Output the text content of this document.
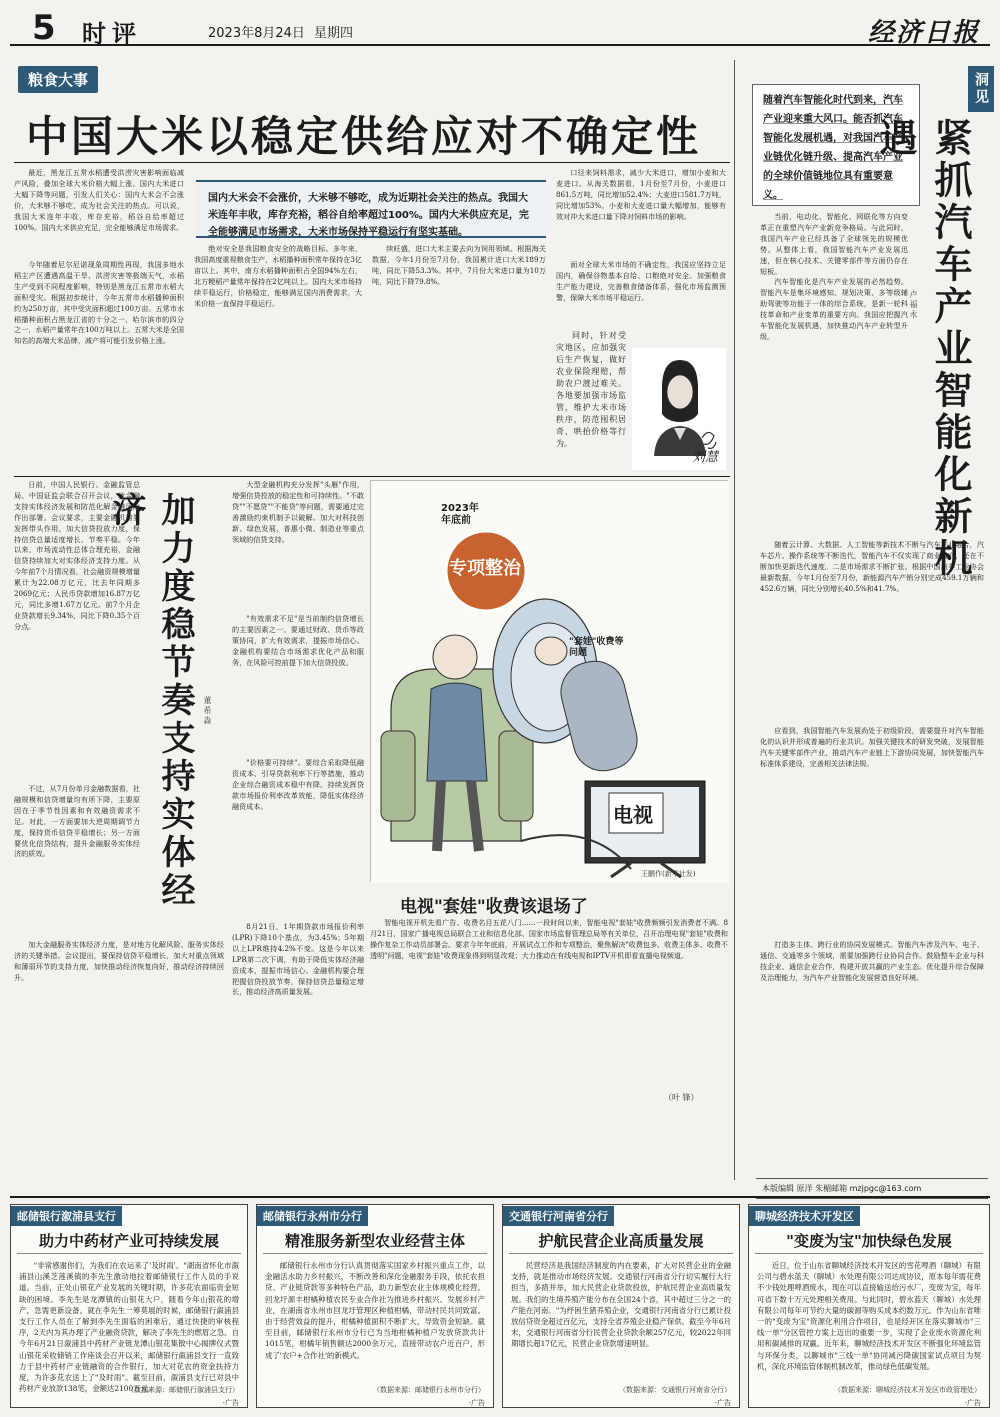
5 时评	2023年8月24日 星期四	经济日报
粮食大事
中国大米以稳定供给应对不确定性
最近，黑龙江五常水稻遭受洪涝灾害影响面临减产风险，叠加全球大米价格大幅上涨、国内大米进口大幅下降等问题，引发人们关心：国内大米会不会涨价，大米够不够吃，成为社会关注的热点。可以说，我国大米连年丰收，库存充裕，稻谷自给率超过100%。国内大米供应充足，完全能够满足市场需求。
国内大米会不会涨价，大米够不够吃，成为近期社会关注的热点。我国大米连年丰收，库存充裕，稻谷自给率超过100%。国内大米供应充足，完全能够满足市场需求，大米市场保持平稳运行有坚实基础。
口径来饲料需求，减少大米进口，增加小麦和大麦进口。从海关数据看，1月份至7月份，小麦进口861.5万吨，同比增加52.4%；大麦进口581.7万吨，同比增加53%。小麦和大麦进口量大幅增加，能够有效对冲大米进口量下降对饲料市场的影响。
今年随着尼尔尼诺现象周期性再现，我国多地水稻主产区遭遇高温干旱、洪涝灾害等极端天气，水稻生产受到不同程度影响，特别是黑龙江五常市水稻大面积受灾。根据初步统计，今年五常市水稻播种面积约为250万亩，其中受灾面积超过100万亩。五常市水稻播种面积占黑龙江省的十分之一、哈尔滨市的四分之一，水稻产量常年在100万吨以上。五常大米是全国知名的高端大米品牌，减产将可能引发价格上涨。
绝对安全是我国粮食安全的战略目标。多年来，我国高度重视粮食生产，水稻播种面积常年保持在3亿亩以上。其中，南方水稻播种面积占全国94%左右，北方粳稻产量常年保持在2亿吨以上。国内大米市场持续平稳运行，价格稳定，能够满足国内消费需求，大米价格一直保持平稳运行。
续旺盛，进口大米主要去向为饲用领域。根据海关数据，今年1月份至7月份，我国累计进口大米189万吨，同比下降53.3%。其中，7月份大米进口量为10万吨，同比下降79.8%。
面对全球大米市场的不确定性，我国应坚持立足国内，确保谷物基本自给、口粮绝对安全。加强粮食生产能力建设，完善粮食储备体系，强化市场监测预警，保障大米市场平稳运行。
同时，针对受灾地区，应加强灾后生产恢复，做好农业保险理赔，帮助农户渡过难关。各地要加强市场监管，维护大米市场秩序，防范囤积居奇、哄抬价格等行为。
刘慧
洞见
随着汽车智能化时代到来，汽车产业迎来重大风口。能否抓汽车智能化发展机遇，对我国汽车产业链优化链升级、提高汽车产业的全球价值链地位具有重要意义。	紧抓汽车产业智能化新机遇
卢福永

当前，电动化、智能化、网联化等方向变革正在重塑汽车产业新竞争格局。与此同时，我国汽车产业已经具备了全球领先的规模优势。从整体上看，我国智能汽车产业发展迅速，但在核心技术、关键零部件等方面仍存在短板。

汽车智能化是汽车产业发展的必然趋势。智能汽车是集环境感知、规划决策、多等级辅助驾驶等功能于一体的综合系统，是新一轮科技革命和产业变革的重要方向。我国应把握汽车智能化发展机遇，加快推动汽车产业转型升级。

随着云计算、大数据、人工智能等新技术不断与汽车产业融合，汽车芯片、操作系统等不断迭代，智能汽车不仅实现了商业量产，还在不断加快更新迭代速度。二是市场需求不断扩张。根据中国汽车工业协会最新数据，今年1月份至7月份，新能源汽车产销分别完成459.1万辆和452.6万辆，同比分别增长40.5%和41.7%。
应看到，我国智能汽车发展尚处于初级阶段，需要提升对汽车智能化的认识并形成普遍的行业共识。加强关键技术的研发突破，发展智能汽车关键零部件产业，推动汽车产业链上下游协同发展，加快智能汽车标准体系建设，完善相关法律法规。
打造多主体、跨行业的协同发展模式。智能汽车涉及汽车、电子、通信、交通等多个领域，需要加强跨行业协同合作。鼓励整车企业与科技企业、通信企业合作，构建开放共赢的产业生态。优化提升综合保障及治理能力，为汽车产业智能化发展营造良好环境。
本版编辑 原洋 朱楣邮箱 mzjpgc@163.com
日前，中国人民银行、金融监管总局、中国证监会联合召开会议，就金融支持实体经济发展和防范化解金融风险作出部署。会议要求，主要金融机构要发挥带头作用，加大信贷投放力度，保持信贷总量适度增长、节奏平稳。今年以来，市场流动性总体合理充裕，金融信贷持续加大对实体经济支持力度。从今年前7个月情况看，社会融资规模增量累计为22.08万亿元，比去年同期多2069亿元；人民币贷款增加16.87万亿元，同比多增1.67万亿元。前7个月企业贷款增长9.34%，同比下降0.35个百分点。	加力度稳节奏支持实体经济
董希淼
不过，从7月份单月金融数据看，社融规模和信贷增量均有所下降，主要原因在于季节性因素和有效融资需求不足。对此，一方面要加大逆周期调节力度，保持货币信贷平稳增长；另一方面要优化信贷结构，提升金融服务实体经济的质效。
加大金融服务实体经济力度，是对地方化解风险、服务实体经济的关键举措。会议提出，要保持信贷平稳增长，加大对重点领域和薄弱环节的支持力度，加快推动经济恢复向好，推动经济持续回升。
大型金融机构充分发挥"头雁"作用，增强信贷投放的稳定性和可持续性。"不敢贷""不愿贷""不能贷"等问题，需要通过完善激励约束机制予以破解。加大对科技创新、绿色发展、普惠小微、制造业等重点领域的信贷支持。
"有效需求不足"是当前制约信贷增长的主要因素之一。要通过财政、货币等政策协同，扩大有效需求，提振市场信心。金融机构要结合市场需求优化产品和服务，在风险可控前提下加大信贷投放。
"价格要可持续"。要综合采取降低融资成本、引导贷款利率下行等措施，推动企业综合融资成本稳中有降。持续发挥贷款市场报价利率改革效能，降低实体经济融资成本。
8月21日，1年期贷款市场报价利率(LPR)下降10个基点，为3.45%；5年期以上LPR维持4.2%不变。这是今年以来LPR第二次下调，有助于降低实体经济融资成本，提振市场信心。金融机构要合理把握信贷投放节奏，保持信贷总量稳定增长，推动经济高质量发展。
专项整治
2023年年底前
"套娃"收费等问题
电视
王鹏作(新华社发)
电视"套娃"收费该退场了
智能电视开机先看广告、收费名目五花八门……一段时间以来，智能电视"套娃"收费频频引发消费者不满。8月21日，国家广播电视总局联合工业和信息化部、国家市场监督管理总局等有关单位，召开治理电视"套娃"收费和操作复杂工作动员部署会。要求今年年底前，开展试点工作和专项整治，聚焦解决"收费包多、收费主体多、收费不透明"问题，电视"套娃"收费现象得到明显改观；大力推动在有线电视和IPTV开机即看直播电视频道。
（叶 锋）
邮储银行溆浦县支行
助力中药材产业可持续发展
"非常感谢你们，为我们在农运来了'及时雨'。"湖南省怀化市溆浦县山溪芝莲溪镇的李先生激动地拉着邮储银行工作人员的手说道。当前，正处山银花产业发展的关键时期，许多花农面临资金短缺的困境。李先生是龙潭镇的山银花大户，随着今年山银花的增产，急需更新设备。就在李先生一筹莫展的时候，邮储银行溆浦县支行工作人员在了解到李先生面临的困难后，通过快捷的审核程序，2天内为其办理了产业融资贷款，解决了李先生的燃眉之急。自今年6月21日溆浦县中药材产业链龙潭山银花集散中心揭牌仪式暨山银花采收储销工作座谈会召开以来，邮储银行溆浦县支行一直致力于县中药材产业链融资的合作银行，加大对花农的资金扶持力度，为许多花农送上了"及时雨"。截至目前，溆浦县支行已对县中药材产业放款138笔，金额达2100万元。
（数据来源：邮储银行溆浦县支行）
·广告
邮储银行永州市分行
精准服务新型农业经营主体
邮储银行永州市分行认真贯彻落实国家乡村振兴重点工作，以金融活水助力乡村振兴，不断改善和深化金融服务手段，依托农担贷、产业链贷款等多种特色产品，助力新型农业主体规模化经营。回龙圩源丰柑橘种植农民专业合作社为推进乡村振兴、发展乡村产业，在湖南省永州市回龙圩管理区种植柑橘，带动村民共同致富。由于经营效益的提升，柑橘种植面积不断扩大，导致资金短缺。截至目前，邮储银行永州市分行已为当地柑橘种植户发放贷款共计1015笔，柑橘年销售额达2000余万元，直接带动农户近百户，形成了'农户+合作社'的新模式。
（数据来源：邮储银行永州市分行）
·广告
交通银行河南省分行
护航民营企业高质量发展
民营经济是我国经济制度的内在要素，扩大对民营企业的金融支持，就是推动市场经济发展。交通银行河南省分行切实履行大行担当，多措并举，加大民营企业贷款投放，护航民营企业高质量发展。我们的生境养殖产能分布在全国24个省，其中超过三分之一的产能在河南。"为纾困生猪养殖企业，交通银行河南省分行已累计投放信贷资金超过百亿元，支持全省养殖企业稳产保供。截至今年6月末，交通银行河南省分行民营企业贷款余额257亿元，较2022年同期增长超17亿元，民营企业贷款增速明显。
（数据来源：交通银行河南省分行）
·广告
聊城经济技术开发区
"变废为宝"加快绿色发展
近日，位于山东省聊城经济技术开发区的雪花啤酒（聊城）有限公司与碧水蓝天（聊城）水处理有限公司达成协议，原本每年需花费不少钱处理啤酒废水，现在可以直接输送给污水厂，变废为宝，每年可省下数十万元处理相关费用。与此同时，碧水蓝天（聊城）水处理有限公司每年可节约大量的碳源等购买成本约数万元。作为山东省唯一的"变废为宝"资源化利用合作项目，也是经开区在落实聊城市"三线一单"分区管控方案上迈出的重要一步，实现了企业废水资源化利用和碳减排的双赢。近年来，聊城经济技术开发区不断强化环境监管与环保分类，以聊城市"三线一单"协同减污降碳国家试点项目为契机，深化环境监管体制机制改革，推动绿色低碳发展。
（数据来源：聊城经济技术开发区市政管理处）
·广告
